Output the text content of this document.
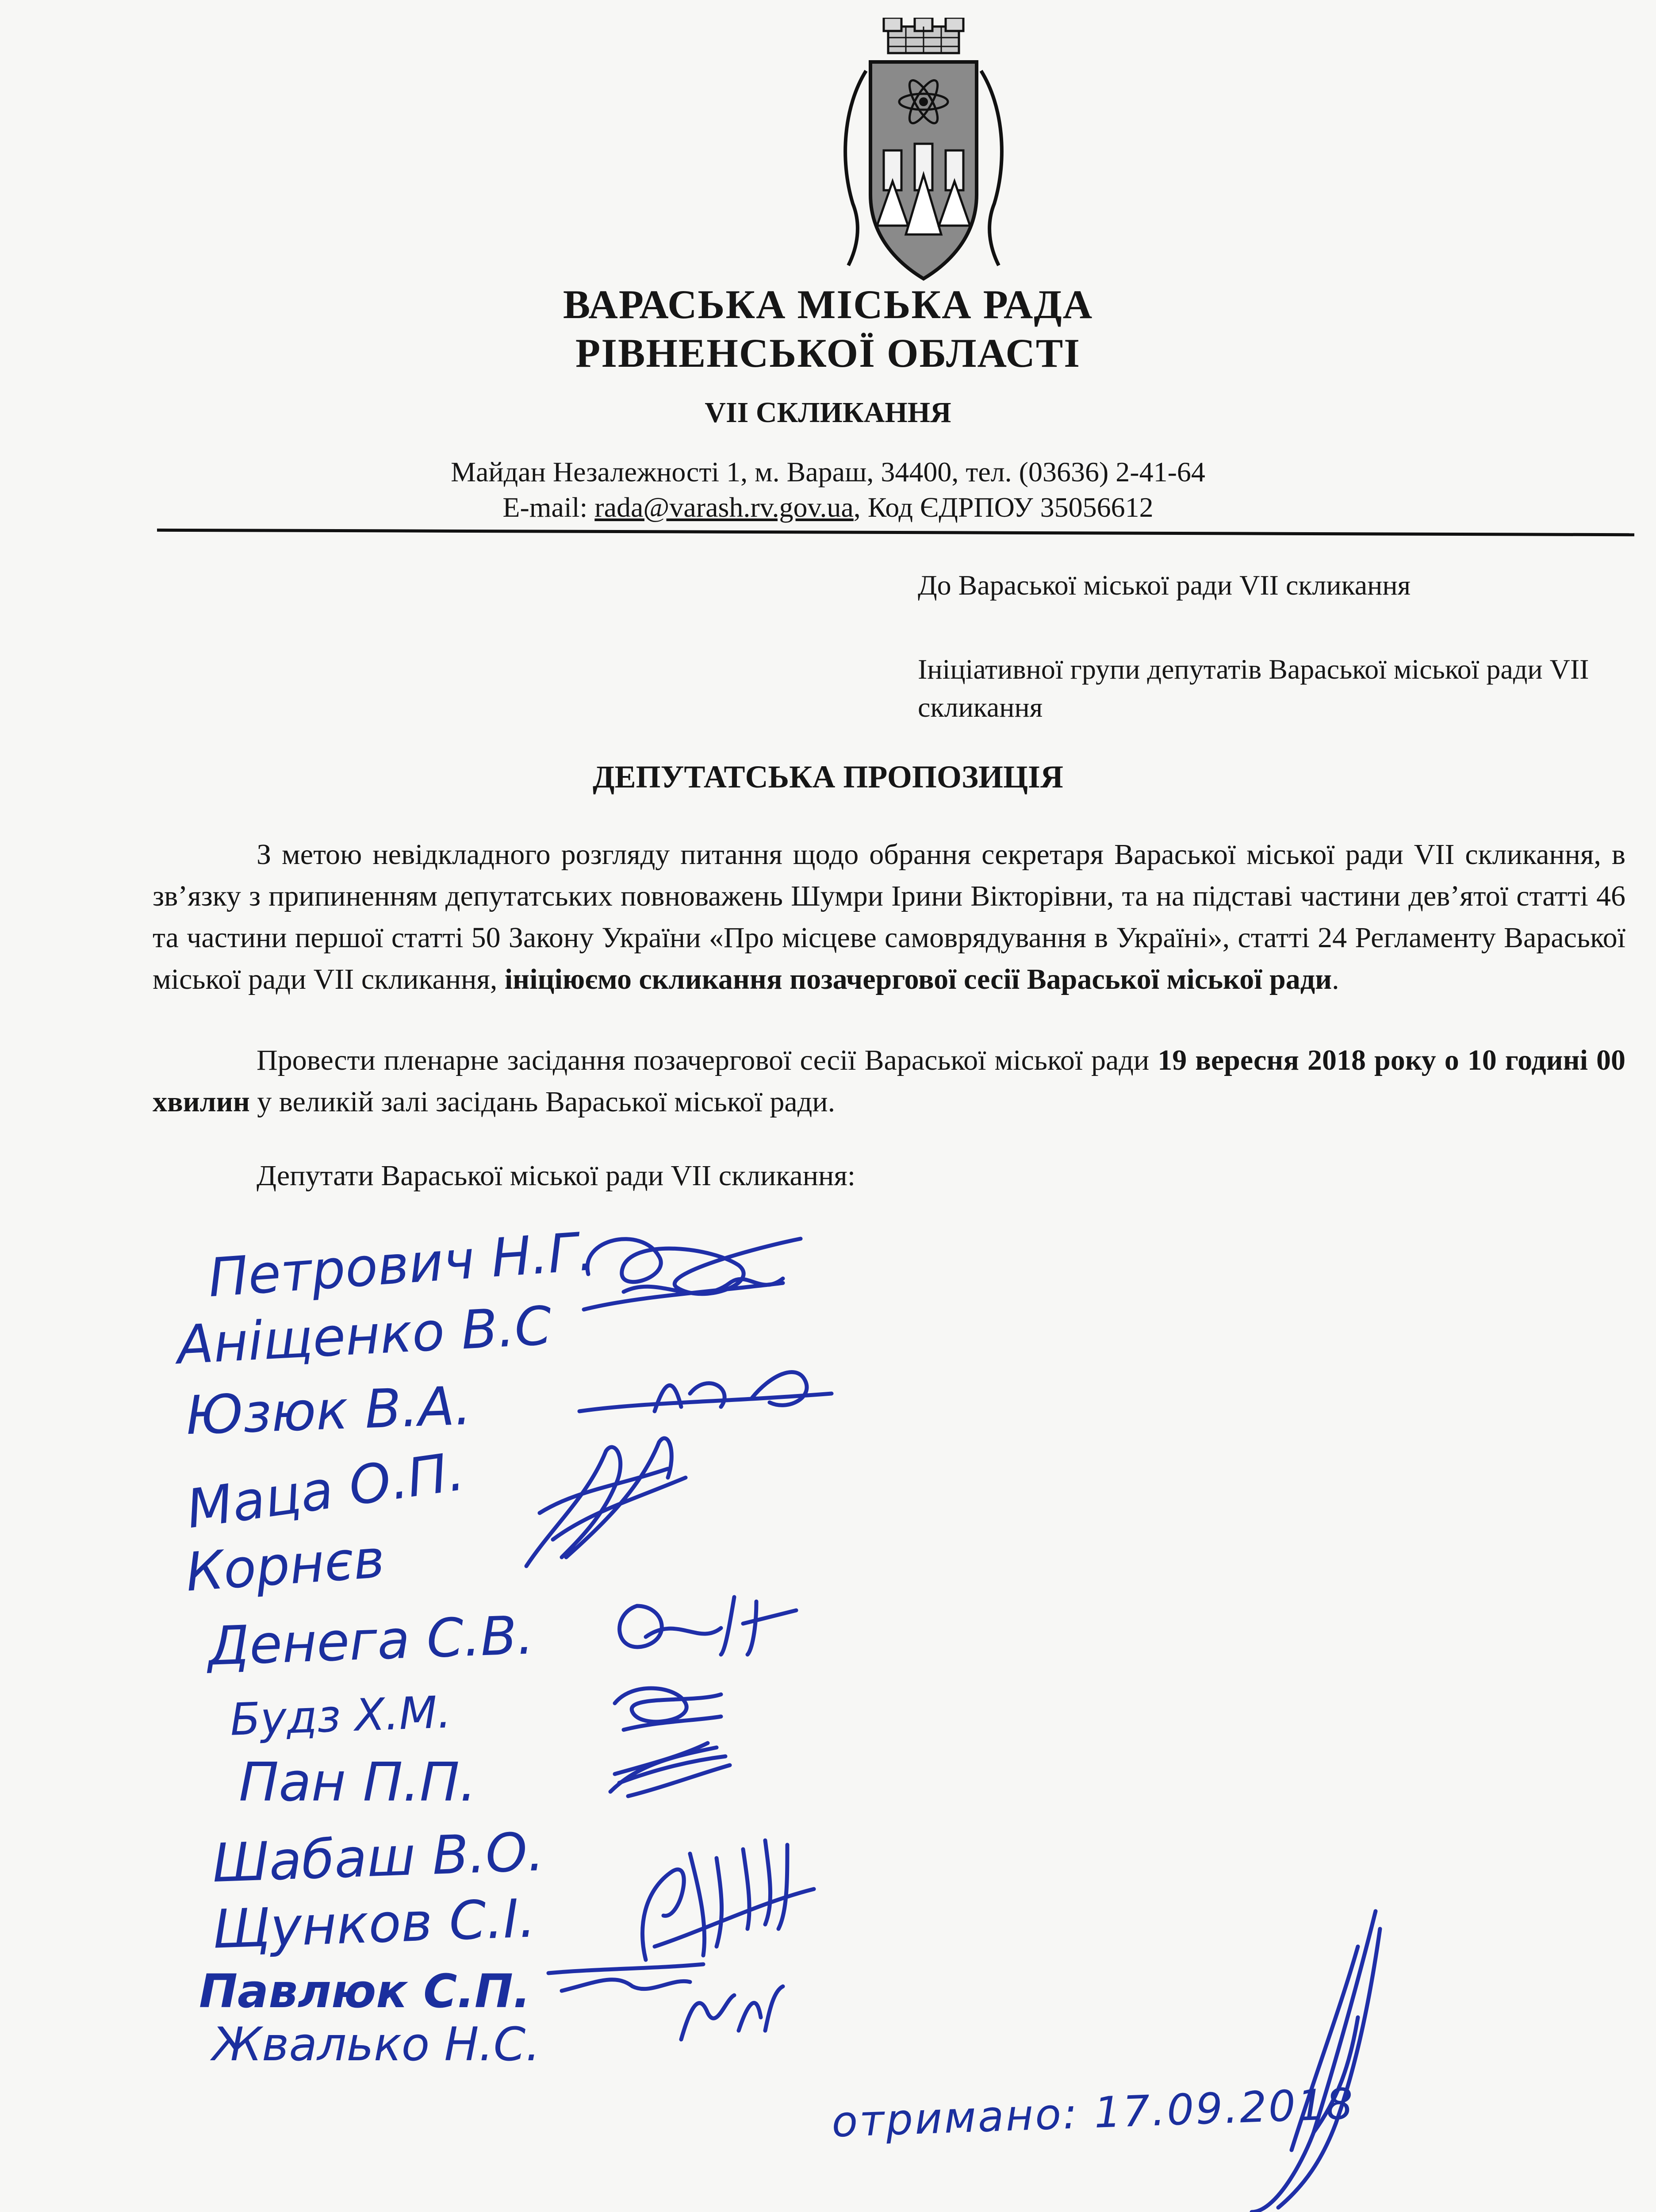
ВАРАСЬКА МІСЬКА РАДА
РІВНЕНСЬКОЇ ОБЛАСТІ
VII СКЛИКАННЯ
Майдан Незалежності 1, м. Вараш, 34400, тел. (03636) 2-41-64
E-mail: rada@varash.rv.gov.ua, Код ЄДРПОУ 35056612
До Вараської міської ради VII скликання
Ініціативної групи депутатів Вараської міської ради VII скликання
ДЕПУТАТСЬКА ПРОПОЗИЦІЯ
З метою невідкладного розгляду питання щодо обрання секретаря Вараської міської ради VII скликання, в зв’язку з припиненням депутатських повноважень Шумри Ірини Вікторівни, та на підставі частини дев’ятої статті 46 та частини першої статті 50 Закону України «Про місцеве самоврядування в Україні», статті 24 Регламенту Вараської міської ради VII скликання, ініціюємо скликання позачергової сесії Вараської міської ради.
Провести пленарне засідання позачергової сесії Вараської міської ради 19 вересня 2018 року о 10 годині 00 хвилин у великій залі засідань Вараської міської ради.
Депутати Вараської міської ради VII скликання:
Петрович Н.Г.
Аніщенко В.С
Юзюк В.А.
Маца О.П.
Корнєв
Денега С.В.
Будз Х.М.
Пан П.П.
Шабаш В.О.
Щунков С.І.
Павлюк С.П.
Жвалько Н.С.
отримано: 17.09.2018
